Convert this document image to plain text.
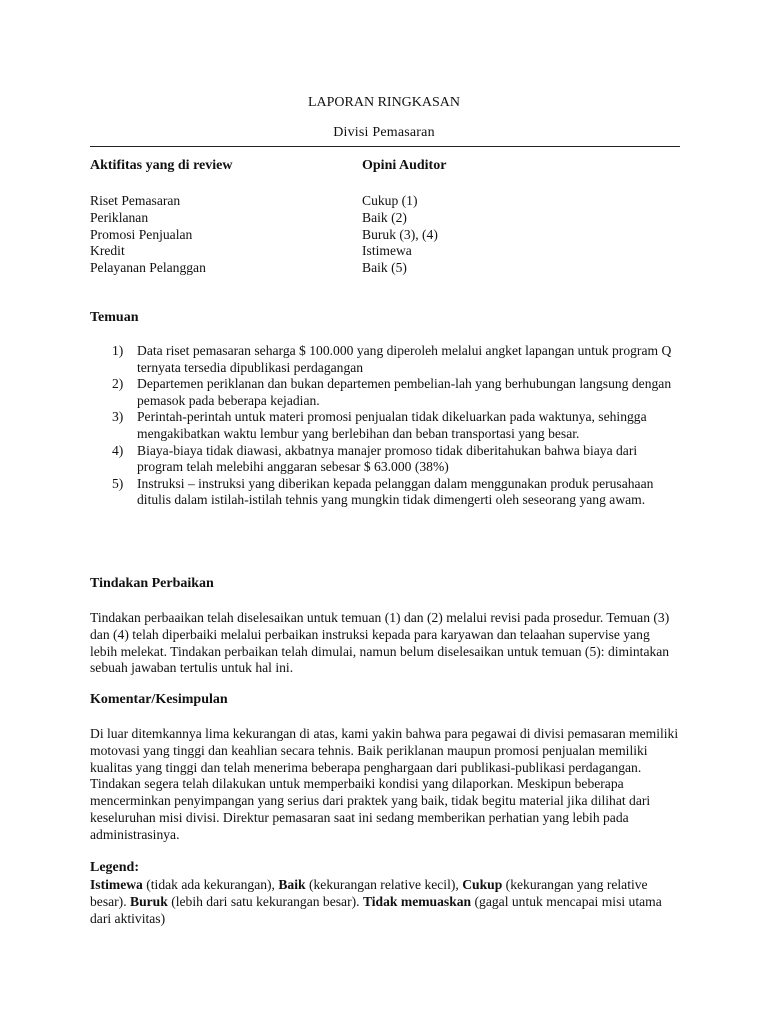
LAPORAN RINGKASAN
Divisi Pemasaran
Aktifitas yang di review	Opini Auditor
Riset Pemasaran	Cukup (1)
Periklanan	Baik (2)
Promosi Penjualan	Buruk (3), (4)
Kredit	Istimewa
Pelayanan Pelanggan	Baik (5)
Temuan
1) Data riset pemasaran seharga $ 100.000 yang diperoleh melalui angket lapangan untuk program Q ternyata tersedia dipublikasi perdagangan
2) Departemen periklanan dan bukan departemen pembelian-lah yang berhubungan langsung dengan pemasok pada beberapa kejadian.
3) Perintah-perintah untuk materi promosi penjualan tidak dikeluarkan pada waktunya, sehingga mengakibatkan waktu lembur yang berlebihan dan beban transportasi yang besar.
4) Biaya-biaya tidak diawasi, akbatnya manajer promoso tidak diberitahukan bahwa biaya dari program telah melebihi anggaran sebesar $ 63.000 (38%)
5) Instruksi – instruksi yang diberikan kepada pelanggan dalam menggunakan produk perusahaan ditulis dalam istilah-istilah tehnis yang mungkin tidak dimengerti oleh seseorang yang awam.
Tindakan Perbaikan

Tindakan perbaaikan telah diselesaikan untuk temuan (1) dan (2) melalui revisi pada prosedur. Temuan (3) dan (4) telah diperbaiki melalui perbaikan instruksi kepada para karyawan dan telaahan supervise yang lebih melekat. Tindakan perbaikan telah dimulai, namun belum diselesaikan untuk temuan (5): dimintakan sebuah jawaban tertulis untuk hal ini.

Komentar/Kesimpulan

Di luar ditemkannya lima kekurangan di atas, kami yakin bahwa para pegawai di divisi pemasaran memiliki motovasi yang tinggi dan keahlian secara tehnis. Baik periklanan maupun promosi penjualan memiliki kualitas yang tinggi dan telah menerima beberapa penghargaan dari publikasi-publikasi perdagangan. Tindakan segera telah dilakukan untuk memperbaiki kondisi yang dilaporkan. Meskipun beberapa mencerminkan penyimpangan yang serius dari praktek yang baik, tidak begitu material jika dilihat dari keseluruhan misi divisi. Direktur pemasaran saat ini sedang memberikan perhatian yang lebih pada administrasinya.

Legend:

Istimewa (tidak ada kekurangan), Baik (kekurangan relative kecil), Cukup (kekurangan yang relative besar). Buruk (lebih dari satu kekurangan besar). Tidak memuaskan (gagal untuk mencapai misi utama dari aktivitas)
